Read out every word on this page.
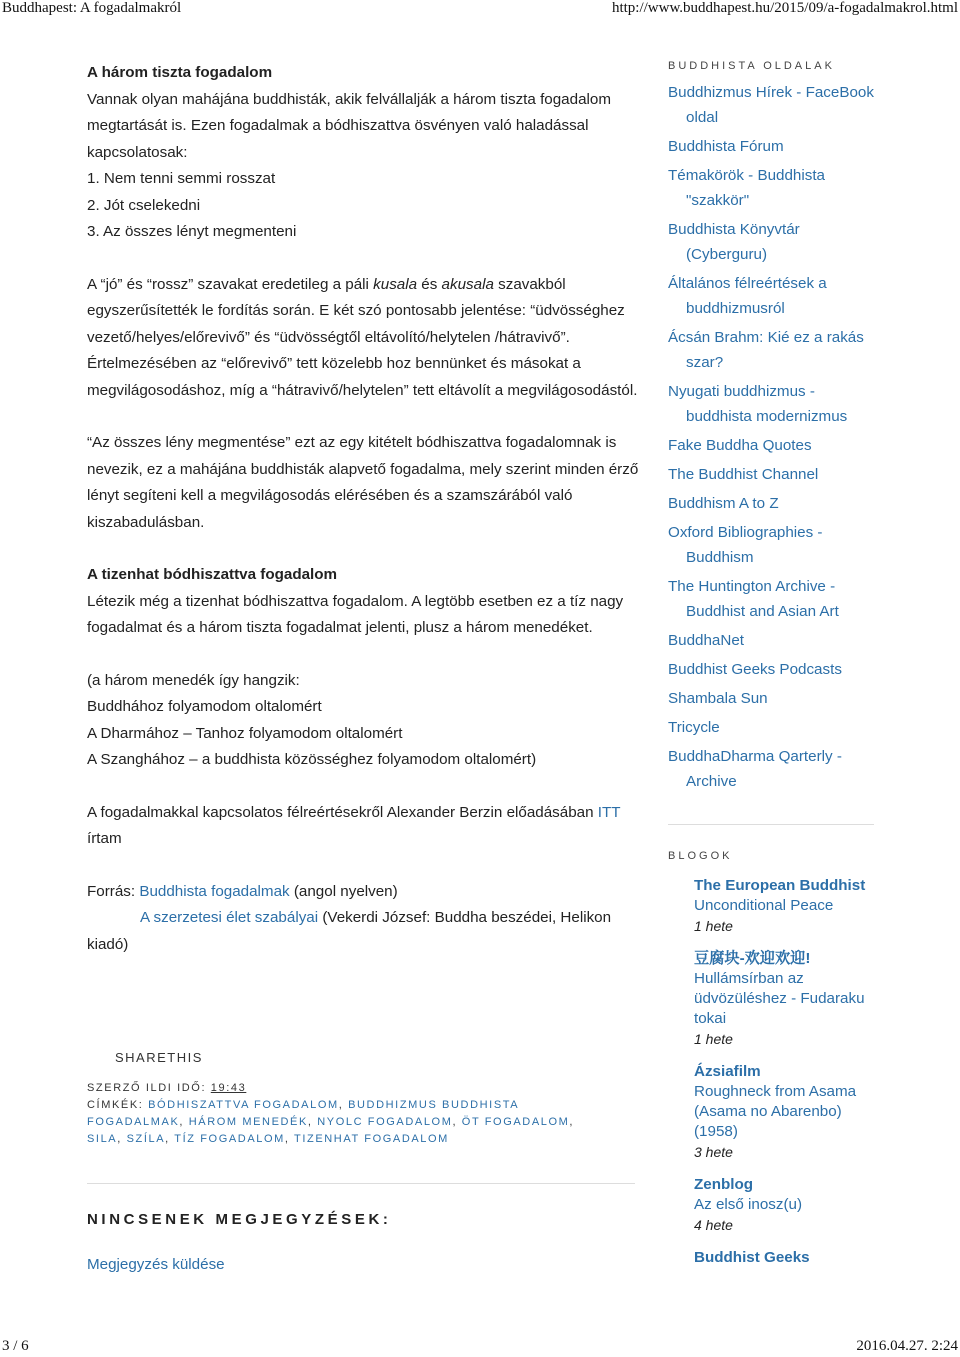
Buddhapest: A fogadalmakról	http://www.buddhapest.hu/2015/09/a-fogadalmakrol.html

A három tiszta fogadalom

Vannak olyan mahájána buddhisták, akik felvállalják a három tiszta fogadalom

megtartását is. Ezen fogadalmak a bódhiszattva ösvényen való haladással

kapcsolatosak:

1. Nem tenni semmi rosszat

2. Jót cselekedni

3. Az összes lényt megmenteni

A “jó” és “rossz” szavakat eredetileg a páli kusala és akusala szavakból egyszerűsítették le fordítás során. E két szó pontosabb jelentése: “üdvösséghez vezető/helyes/előrevivő” és “üdvösségtől eltávolító/helytelen /hátravivő”. Értelmezésében az “előrevivő” tett közelebb hoz bennünket és másokat a megvilágosodáshoz, míg a “hátravivő/helytelen” tett eltávolít a megvilágosodástól.

“Az összes lény megmentése” ezt az egy kitételt bódhiszattva fogadalomnak is nevezik, ez a mahájána buddhisták alapvető fogadalma, mely szerint minden érző lényt segíteni kell a megvilágosodás elérésében és a szamszárából való kiszabadulásban.

A tizenhat bódhiszattva fogadalom

Létezik még a tizenhat bódhiszattva fogadalom. A legtöbb esetben ez a tíz nagy fogadalmat és a három tiszta fogadalmat jelenti, plusz a három menedéket.

(a három menedék így hangzik:

Buddhához folyamodom oltalomért

A Dharmához – Tanhoz folyamodom oltalomért

A Szanghához – a buddhista közösséghez folyamodom oltalomért)

A fogadalmakkal kapcsolatos félreértésekről Alexander Berzin előadásában ITT írtam

Forrás: Buddhista fogadalmak (angol nyelven)

A szerzetesi élet szabályai (Vekerdi József: Buddha beszédei, Helikon kiadó)

SHARETHIS
SZERZŐ ILDI IDŐ: 19:43
CÍMKÉK: BÓDHISZATTVA FOGADALOM, BUDDHIZMUS BUDDHISTA FOGADALMAK, HÁROM MENEDÉK, NYOLC FOGADALOM, ÖT FOGADALOM, SILA, SZÍLA, TÍZ FOGADALOM, TIZENHAT FOGADALOM
NINCSENEK MEGJEGYZÉSEK:
Megjegyzés küldése
BUDDHISTA OLDALAK
Buddhizmus Hírek - FaceBook oldal
Buddhista Fórum
Témakörök - Buddhista "szakkör"
Buddhista Könyvtár (Cyberguru)
Általános félreértések a buddhizmusról
Ácsán Brahm: Kié ez a rakás szar?
Nyugati buddhizmus - buddhista modernizmus
Fake Buddha Quotes
The Buddhist Channel
Buddhism A to Z
Oxford Bibliographies - Buddhism
The Huntington Archive - Buddhist and Asian Art
BuddhaNet
Buddhist Geeks Podcasts
Shambala Sun
Tricycle
BuddhaDharma Qarterly - Archive
BLOGOK
The European Buddhist
Unconditional Peace
1 hete
豆腐块-欢迎欢迎!
Hullámsírban az üdvözüléshez - Fudaraku tokai
1 hete
Ázsiafilm
Roughneck from Asama (Asama no Abarenbo) (1958)
3 hete
Zenblog
Az első inosz(u)
4 hete
Buddhist Geeks
3 / 6	2016.04.27. 2:24
